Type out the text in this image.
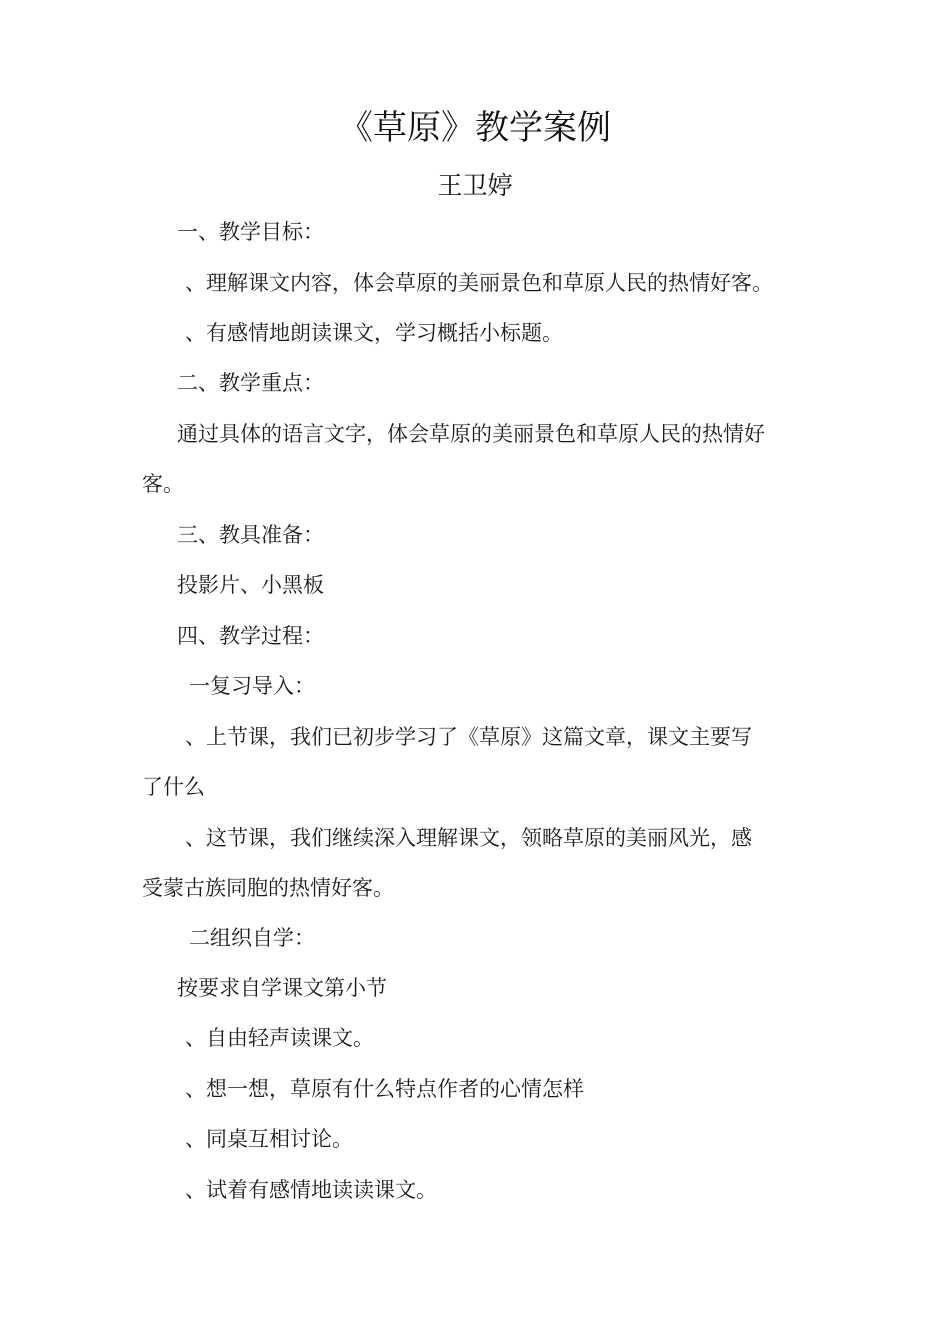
《草原》教学案例
王卫婷
一、教学目标：
、理解课文内容，体会草原的美丽景色和草原人民的热情好客。
、有感情地朗读课文，学习概括小标题。
二、教学重点：
通过具体的语言文字，体会草原的美丽景色和草原人民的热情好
客。
三、教具准备：
投影片、小黑板
四、教学过程：
一复习导入：
、上节课，我们已初步学习了《草原》这篇文章，课文主要写
了什么
、这节课，我们继续深入理解课文，领略草原的美丽风光，感
受蒙古族同胞的热情好客。
二组织自学：
按要求自学课文第小节
、自由轻声读课文。
、想一想，草原有什么特点作者的心情怎样
、同桌互相讨论。
、试着有感情地读读课文。
